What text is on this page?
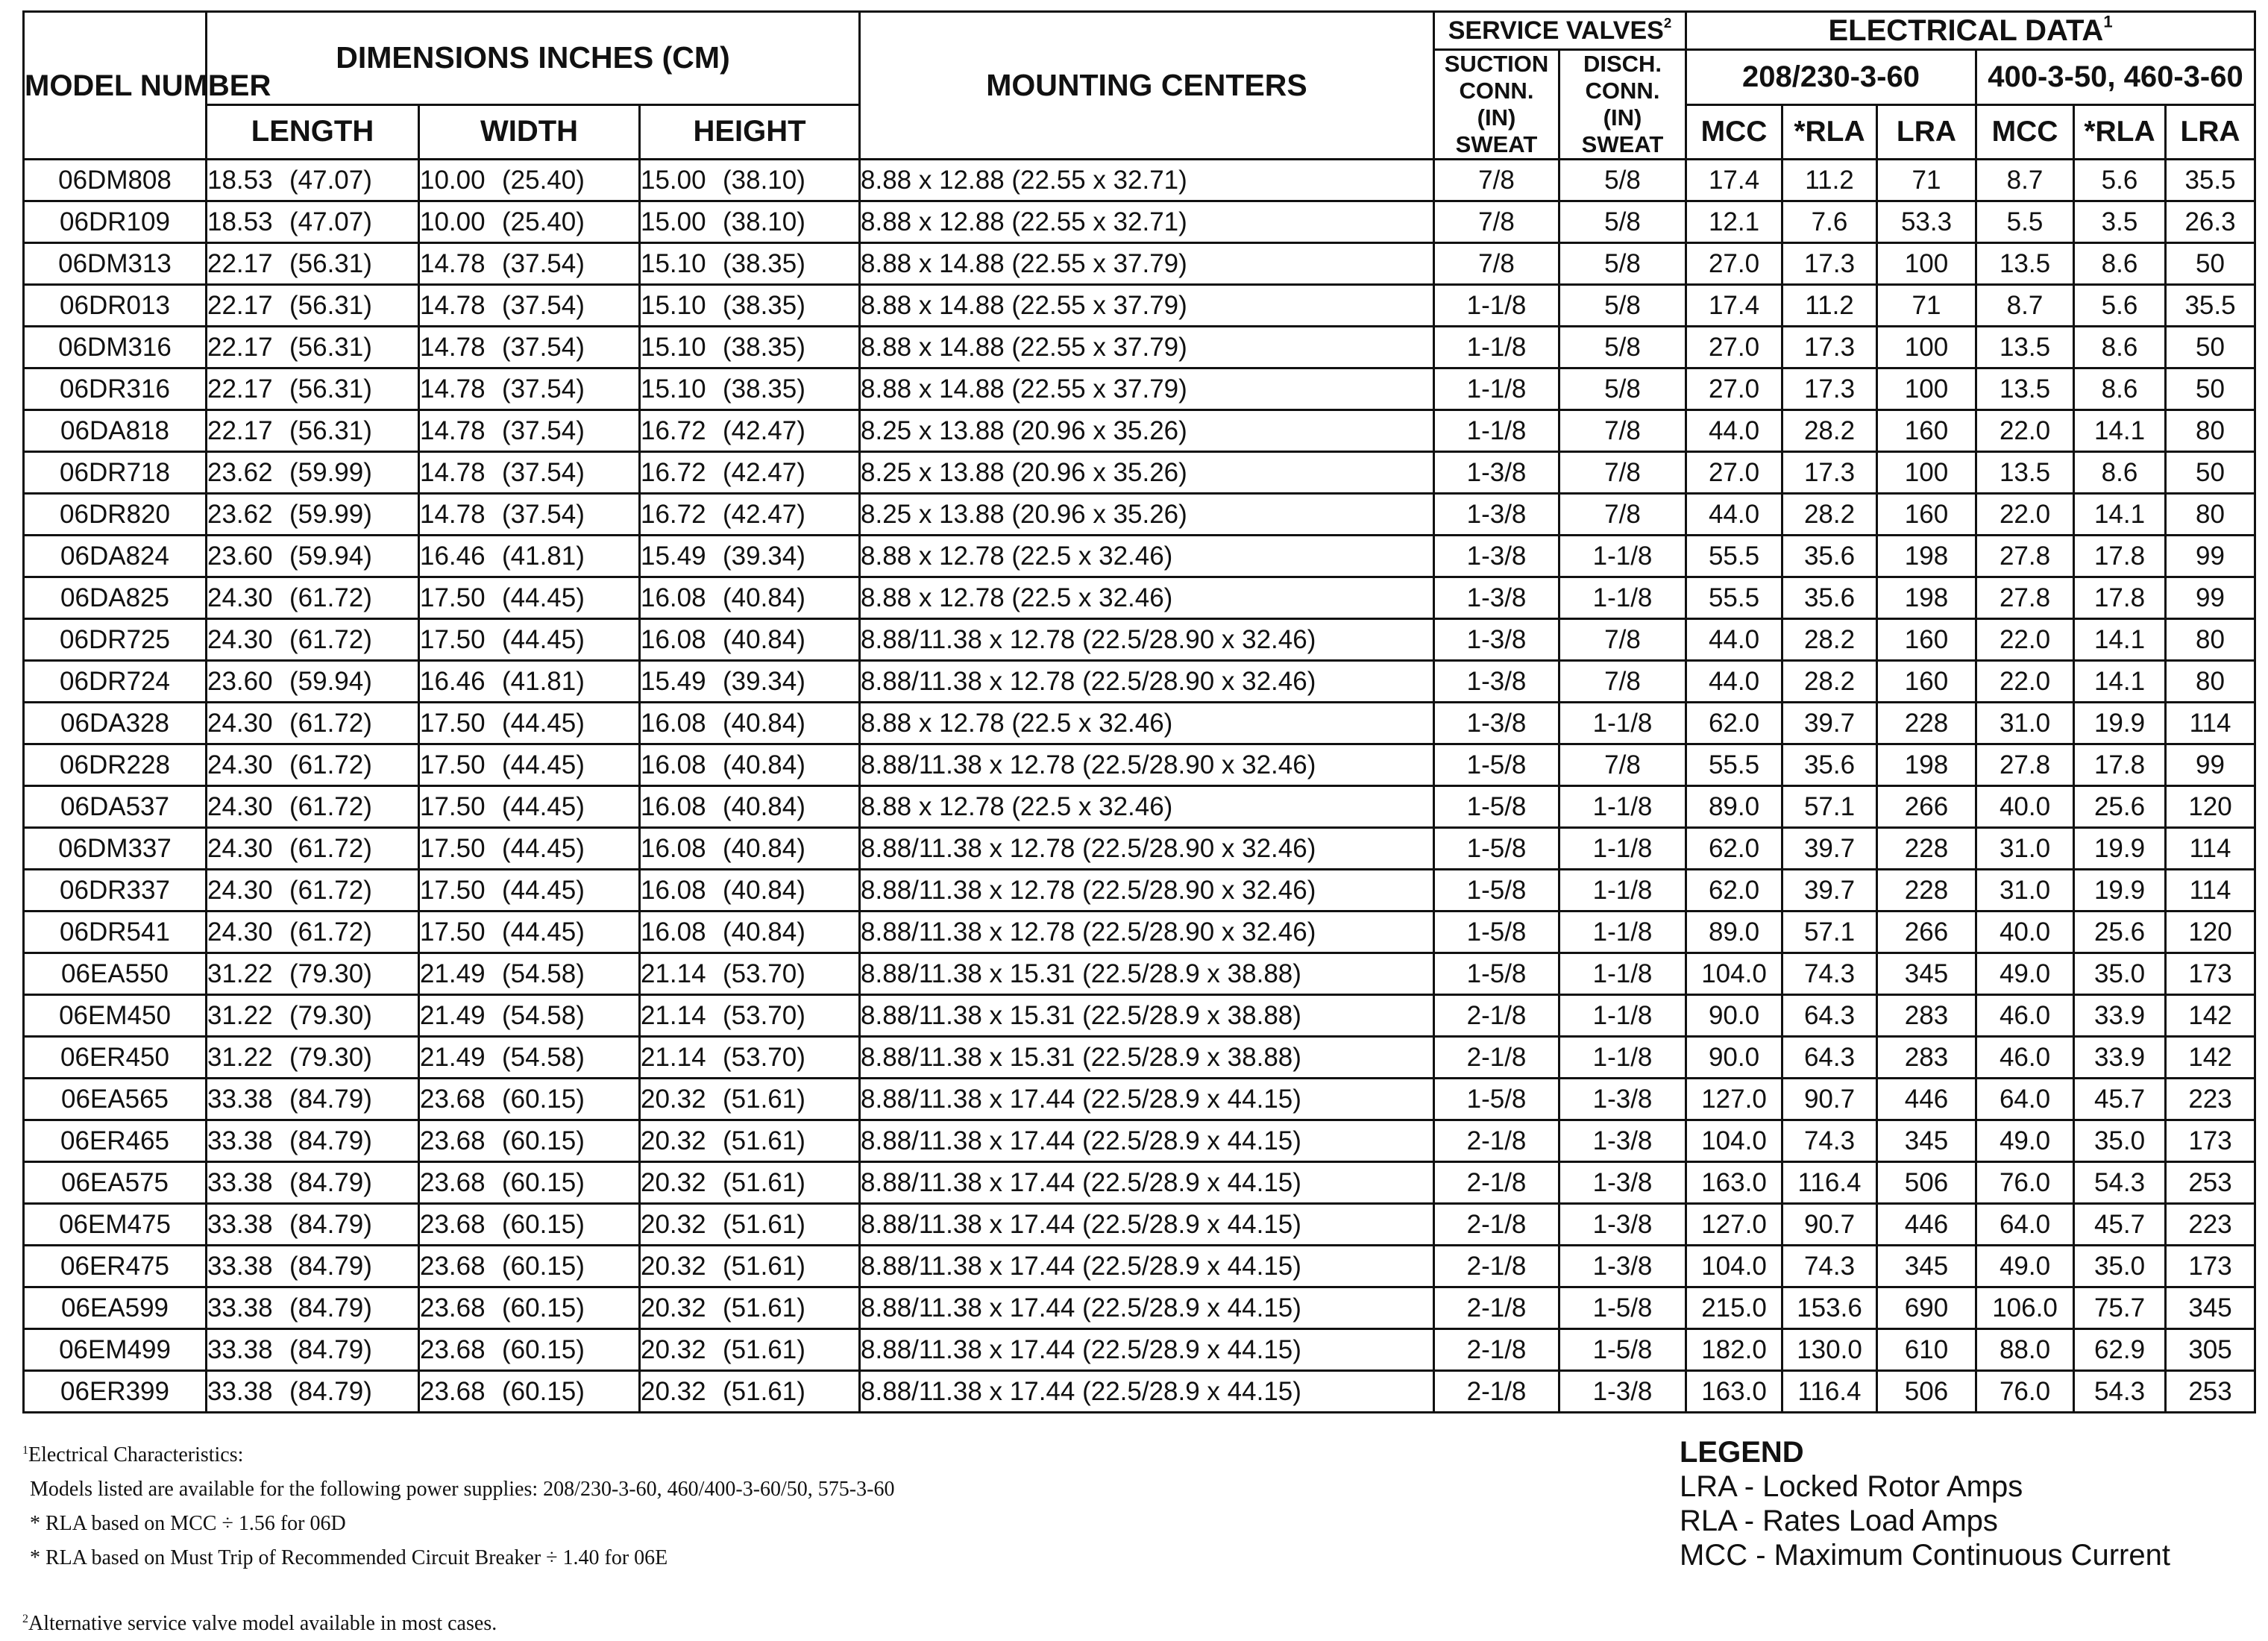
MODEL NUMBER	DIMENSIONS INCHES (CM)			MOUNTING CENTERS	SERVICE VALVES$^2$		ELECTRICAL DATA$^1$

					SUCTION CONN. (IN) SWEAT	DISCH. CONN. (IN) SWEAT	208/230-3-60			400-3-50, 460-3-60		
	LENGTH	WIDTH	HEIGHT				MCC	*RLA	LRA	MCC	*RLA	LRA
06DM808	18.53 (47.07)	10.00 (25.40)	15.00 (38.10)	8.88 x 12.88 (22.55 x 32.71)	7/8	5/8	17.4	11.2	71	8.7	5.6	35.5
06DR109	18.53 (47.07)	10.00 (25.40)	15.00 (38.10)	8.88 x 12.88 (22.55 x 32.71)	7/8	5/8	12.1	7.6	53.3	5.5	3.5	26.3
06DM313	22.17 (56.31)	14.78 (37.54)	15.10 (38.35)	8.88 x 14.88 (22.55 x 37.79)	7/8	5/8	27.0	17.3	100	13.5	8.6	50
06DR013	22.17 (56.31)	14.78 (37.54)	15.10 (38.35)	8.88 x 14.88 (22.55 x 37.79)	1-1/8	5/8	17.4	11.2	71	8.7	5.6	35.5
06DM316	22.17 (56.31)	14.78 (37.54)	15.10 (38.35)	8.88 x 14.88 (22.55 x 37.79)	1-1/8	5/8	27.0	17.3	100	13.5	8.6	50
06DR316	22.17 (56.31)	14.78 (37.54)	15.10 (38.35)	8.88 x 14.88 (22.55 x 37.79)	1-1/8	5/8	27.0	17.3	100	13.5	8.6	50
06DA818	22.17 (56.31)	14.78 (37.54)	16.72 (42.47)	8.25 x 13.88 (20.96 x 35.26)	1-1/8	7/8	44.0	28.2	160	22.0	14.1	80
06DR718	23.62 (59.99)	14.78 (37.54)	16.72 (42.47)	8.25 x 13.88 (20.96 x 35.26)	1-3/8	7/8	27.0	17.3	100	13.5	8.6	50
06DR820	23.62 (59.99)	14.78 (37.54)	16.72 (42.47)	8.25 x 13.88 (20.96 x 35.26)	1-3/8	7/8	44.0	28.2	160	22.0	14.1	80
06DA824	23.60 (59.94)	16.46 (41.81)	15.49 (39.34)	8.88 x 12.78 (22.5 x 32.46)	1-3/8	1-1/8	55.5	35.6	198	27.8	17.8	99
06DA825	24.30 (61.72)	17.50 (44.45)	16.08 (40.84)	8.88 x 12.78 (22.5 x 32.46)	1-3/8	1-1/8	55.5	35.6	198	27.8	17.8	99
06DR725	24.30 (61.72)	17.50 (44.45)	16.08 (40.84)	8.88/11.38 x 12.78 (22.5/28.90 x 32.46)	1-3/8	7/8	44.0	28.2	160	22.0	14.1	80
06DR724	23.60 (59.94)	16.46 (41.81)	15.49 (39.34)	8.88/11.38 x 12.78 (22.5/28.90 x 32.46)	1-3/8	7/8	44.0	28.2	160	22.0	14.1	80
06DA328	24.30 (61.72)	17.50 (44.45)	16.08 (40.84)	8.88 x 12.78 (22.5 x 32.46)	1-3/8	1-1/8	62.0	39.7	228	31.0	19.9	114
06DR228	24.30 (61.72)	17.50 (44.45)	16.08 (40.84)	8.88/11.38 x 12.78 (22.5/28.90 x 32.46)	1-5/8	7/8	55.5	35.6	198	27.8	17.8	99
06DA537	24.30 (61.72)	17.50 (44.45)	16.08 (40.84)	8.88 x 12.78 (22.5 x 32.46)	1-5/8	1-1/8	89.0	57.1	266	40.0	25.6	120
06DM337	24.30 (61.72)	17.50 (44.45)	16.08 (40.84)	8.88/11.38 x 12.78 (22.5/28.90 x 32.46)	1-5/8	1-1/8	62.0	39.7	228	31.0	19.9	114
06DR337	24.30 (61.72)	17.50 (44.45)	16.08 (40.84)	8.88/11.38 x 12.78 (22.5/28.90 x 32.46)	1-5/8	1-1/8	62.0	39.7	228	31.0	19.9	114
06DR541	24.30 (61.72)	17.50 (44.45)	16.08 (40.84)	8.88/11.38 x 12.78 (22.5/28.90 x 32.46)	1-5/8	1-1/8	89.0	57.1	266	40.0	25.6	120
06EA550	31.22 (79.30)	21.49 (54.58)	21.14 (53.70)	8.88/11.38 x 15.31 (22.5/28.9 x 38.88)	1-5/8	1-1/8	104.0	74.3	345	49.0	35.0	173
06EM450	31.22 (79.30)	21.49 (54.58)	21.14 (53.70)	8.88/11.38 x 15.31 (22.5/28.9 x 38.88)	2-1/8	1-1/8	90.0	64.3	283	46.0	33.9	142
06ER450	31.22 (79.30)	21.49 (54.58)	21.14 (53.70)	8.88/11.38 x 15.31 (22.5/28.9 x 38.88)	2-1/8	1-1/8	90.0	64.3	283	46.0	33.9	142
06EA565	33.38 (84.79)	23.68 (60.15)	20.32 (51.61)	8.88/11.38 x 17.44 (22.5/28.9 x 44.15)	1-5/8	1-3/8	127.0	90.7	446	64.0	45.7	223
06ER465	33.38 (84.79)	23.68 (60.15)	20.32 (51.61)	8.88/11.38 x 17.44 (22.5/28.9 x 44.15)	2-1/8	1-3/8	104.0	74.3	345	49.0	35.0	173
06EA575	33.38 (84.79)	23.68 (60.15)	20.32 (51.61)	8.88/11.38 x 17.44 (22.5/28.9 x 44.15)	2-1/8	1-3/8	163.0	116.4	506	76.0	54.3	253
06EM475	33.38 (84.79)	23.68 (60.15)	20.32 (51.61)	8.88/11.38 x 17.44 (22.5/28.9 x 44.15)	2-1/8	1-3/8	127.0	90.7	446	64.0	45.7	223
06ER475	33.38 (84.79)	23.68 (60.15)	20.32 (51.61)	8.88/11.38 x 17.44 (22.5/28.9 x 44.15)	2-1/8	1-3/8	104.0	74.3	345	49.0	35.0	173
06EA599	33.38 (84.79)	23.68 (60.15)	20.32 (51.61)	8.88/11.38 x 17.44 (22.5/28.9 x 44.15)	2-1/8	1-5/8	215.0	153.6	690	106.0	75.7	345
06EM499	33.38 (84.79)	23.68 (60.15)	20.32 (51.61)	8.88/11.38 x 17.44 (22.5/28.9 x 44.15)	2-1/8	1-5/8	182.0	130.0	610	88.0	62.9	305
06ER399	33.38 (84.79)	23.68 (60.15)	20.32 (51.61)	8.88/11.38 x 17.44 (22.5/28.9 x 44.15)	2-1/8	1-3/8	163.0	116.4	506	76.0	54.3	253
$^1$Electrical Characteristics:
Models listed are available for the following power supplies: 208/230-3-60, 460/400-3-60/50, 575-3-60
* RLA based on MCC ÷ 1.56 for 06D
* RLA based on Must Trip of Recommended Circuit Breaker ÷ 1.40 for 06E
$^2$Alternative service valve model available in most cases.
LEGEND
LRA - Locked Rotor Amps
RLA - Rates Load Amps
MCC - Maximum Continuous Current
